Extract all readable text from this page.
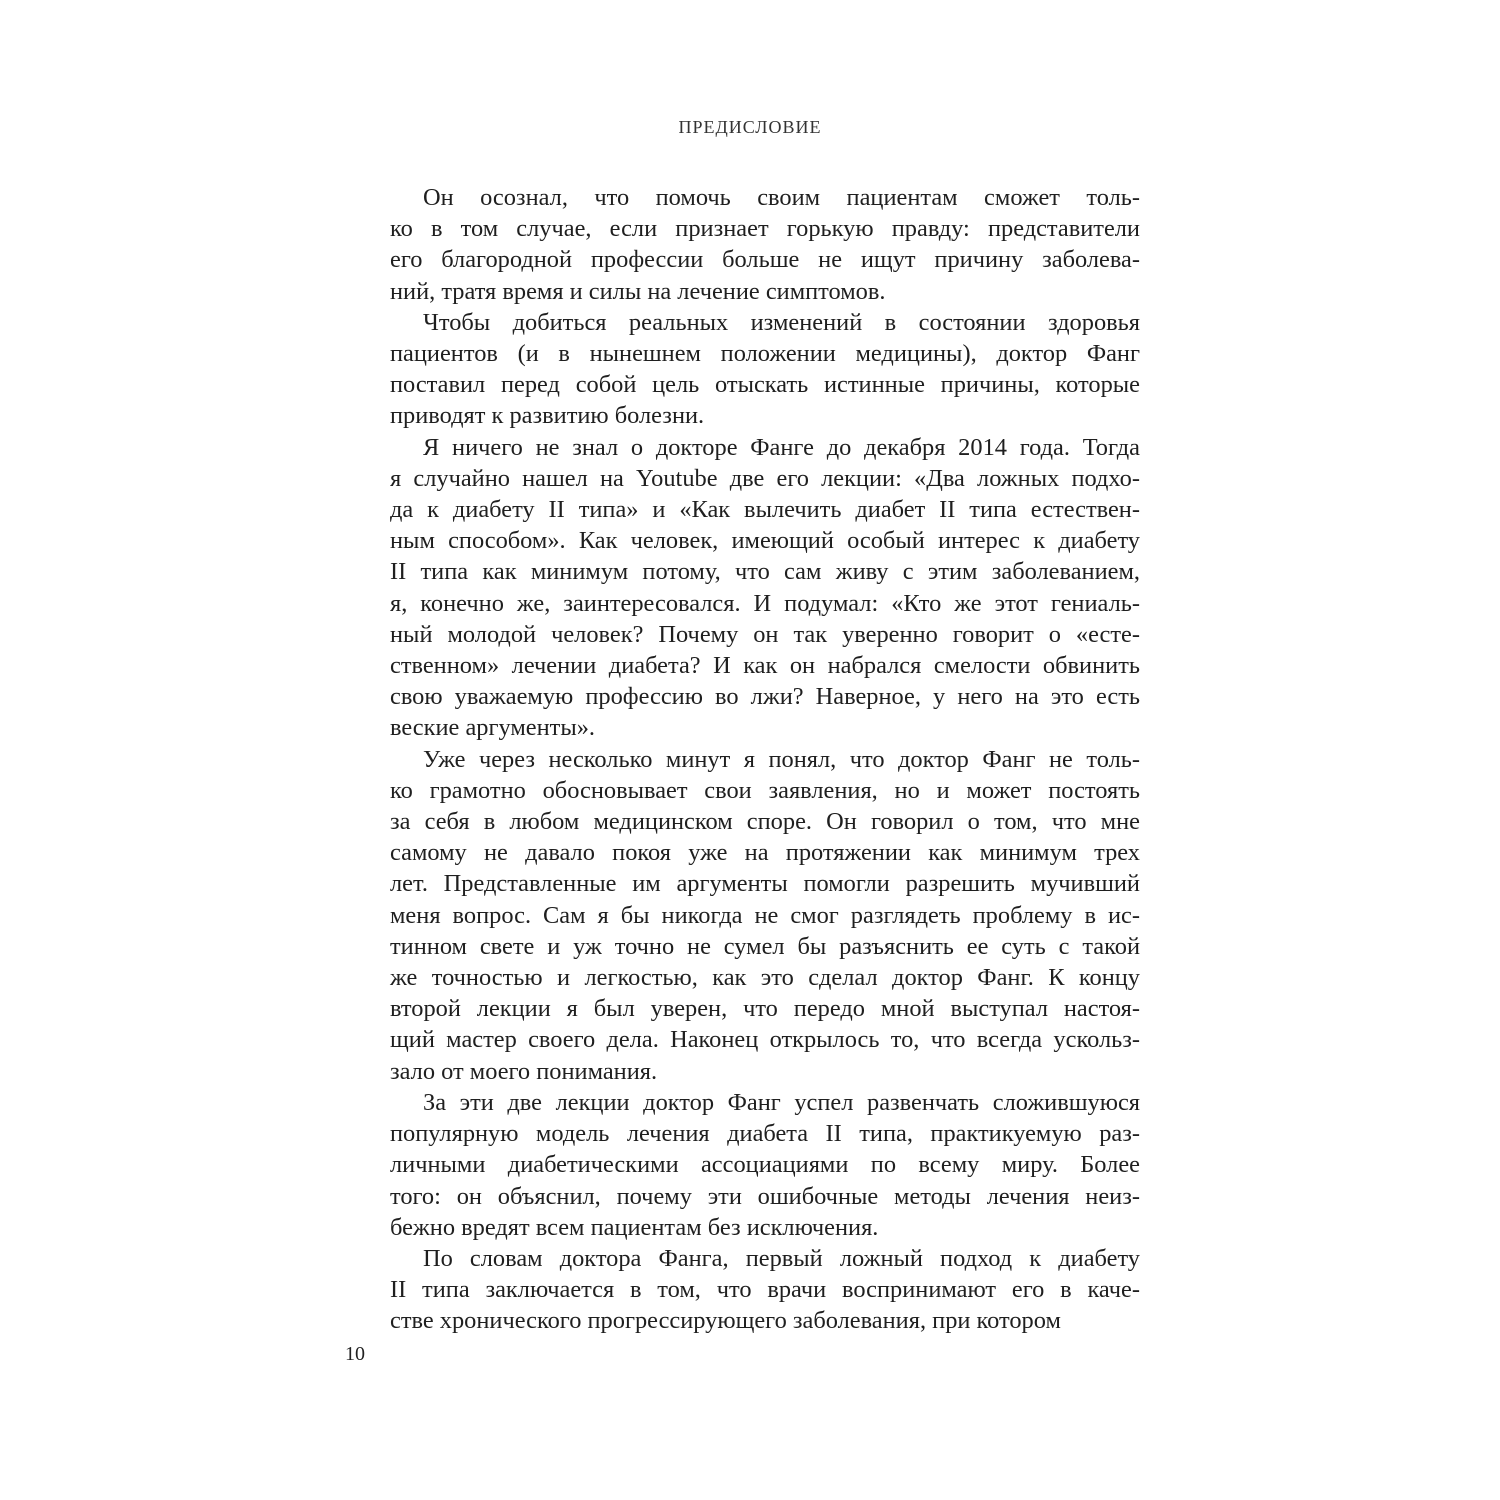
ПРЕДИСЛОВИЕ
Он осознал, что помочь своим пациентам сможет толь-
ко в том случае, если признает горькую правду: представители
его благородной профессии больше не ищут причину заболева-
ний, тратя время и силы на лечение симптомов.
Чтобы добиться реальных изменений в состоянии здоровья
пациентов (и в нынешнем положении медицины), доктор Фанг
поставил перед собой цель отыскать истинные причины, которые
приводят к развитию болезни.
Я ничего не знал о докторе Фанге до декабря 2014 года. Тогда
я случайно нашел на Youtube две его лекции: «Два ложных подхо-
да к диабету II типа» и «Как вылечить диабет II типа естествен-
ным способом». Как человек, имеющий особый интерес к диабету
II типа как минимум потому, что сам живу с этим заболеванием,
я, конечно же, заинтересовался. И подумал: «Кто же этот гениаль-
ный молодой человек? Почему он так уверенно говорит о «есте-
ственном» лечении диабета? И как он набрался смелости обвинить
свою уважаемую профессию во лжи? Наверное, у него на это есть
веские аргументы».
Уже через несколько минут я понял, что доктор Фанг не толь-
ко грамотно обосновывает свои заявления, но и может постоять
за себя в любом медицинском споре. Он говорил о том, что мне
самому не давало покоя уже на протяжении как минимум трех
лет. Представленные им аргументы помогли разрешить мучивший
меня вопрос. Сам я бы никогда не смог разглядеть проблему в ис-
тинном свете и уж точно не сумел бы разъяснить ее суть с такой
же точностью и легкостью, как это сделал доктор Фанг. К концу
второй лекции я был уверен, что передо мной выступал настоя-
щий мастер своего дела. Наконец открылось то, что всегда ускольз-
зало от моего понимания.
За эти две лекции доктор Фанг успел развенчать сложившуюся
популярную модель лечения диабета II типа, практикуемую раз-
личными диабетическими ассоциациями по всему миру. Более
того: он объяснил, почему эти ошибочные методы лечения неиз-
бежно вредят всем пациентам без исключения.
По словам доктора Фанга, первый ложный подход к диабету
II типа заключается в том, что врачи воспринимают его в каче-
стве хронического прогрессирующего заболевания, при котором
10
